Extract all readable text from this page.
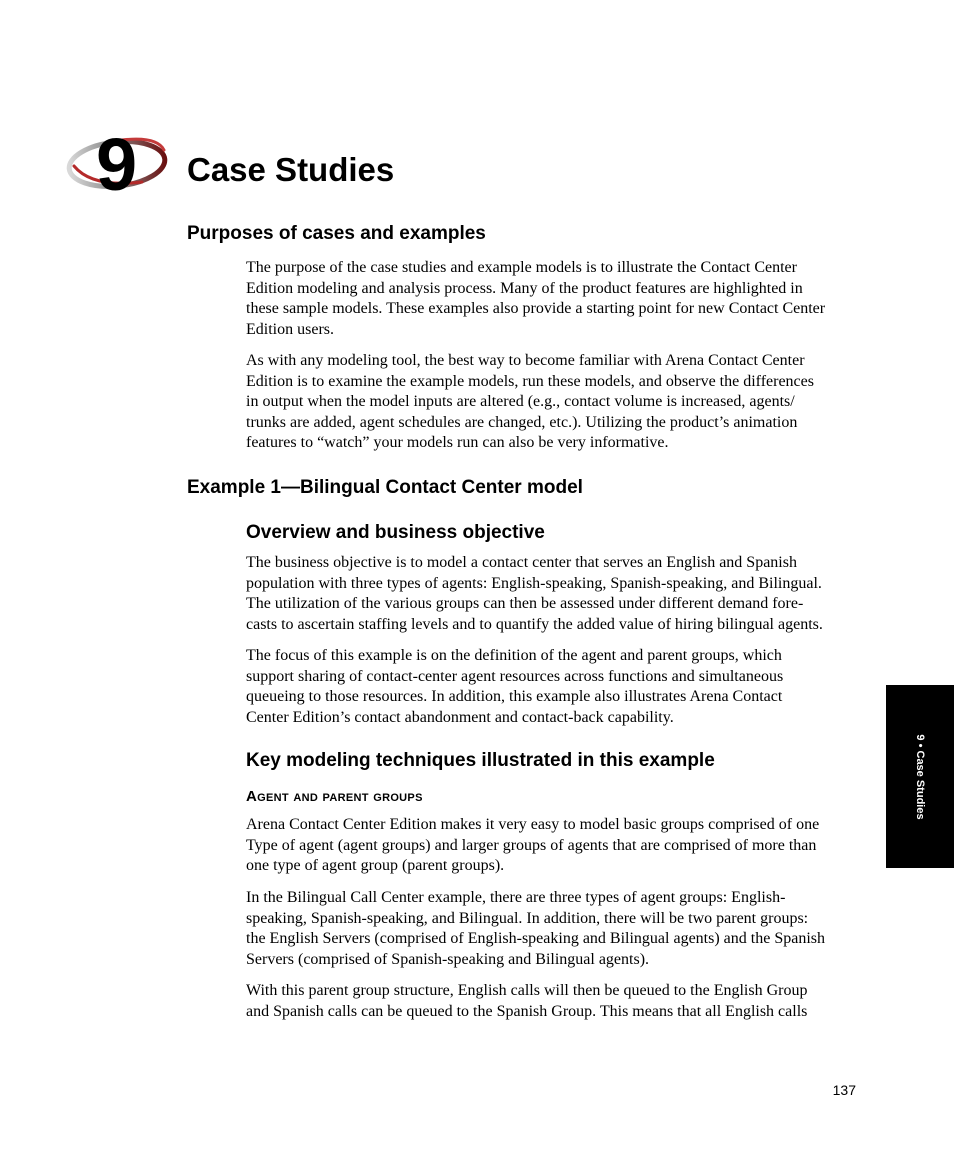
9 Case Studies
Purposes of cases and examples

The purpose of the case studies and example models is to illustrate the Contact Center
Edition modeling and analysis process. Many of the product features are highlighted in
these sample models. These examples also provide a starting point for new Contact Center
Edition users.

As with any modeling tool, the best way to become familiar with Arena Contact Center
Edition is to examine the example models, run these models, and observe the differences
in output when the model inputs are altered (e.g., contact volume is increased, agents/
trunks are added, agent schedules are changed, etc.). Utilizing the product’s animation
features to “watch” your models run can also be very informative.

Example 1—Bilingual Contact Center model
Overview and business objective

The business objective is to model a contact center that serves an English and Spanish
population with three types of agents: English-speaking, Spanish-speaking, and Bilingual.
The utilization of the various groups can then be assessed under different demand fore-
casts to ascertain staffing levels and to quantify the added value of hiring bilingual agents.

The focus of this example is on the definition of the agent and parent groups, which
support sharing of contact-center agent resources across functions and simultaneous
queueing to those resources. In addition, this example also illustrates Arena Contact
Center Edition’s contact abandonment and contact-back capability.

Key modeling techniques illustrated in this example
Agent and parent groups

Arena Contact Center Edition makes it very easy to model basic groups comprised of one
Type of agent (agent groups) and larger groups of agents that are comprised of more than
one type of agent group (parent groups).

In the Bilingual Call Center example, there are three types of agent groups: English-
speaking, Spanish-speaking, and Bilingual. In addition, there will be two parent groups:
the English Servers (comprised of English-speaking and Bilingual agents) and the Spanish
Servers (comprised of Spanish-speaking and Bilingual agents).

With this parent group structure, English calls will then be queued to the English Group
and Spanish calls can be queued to the Spanish Group. This means that all English calls

9 • Case Studies
137
